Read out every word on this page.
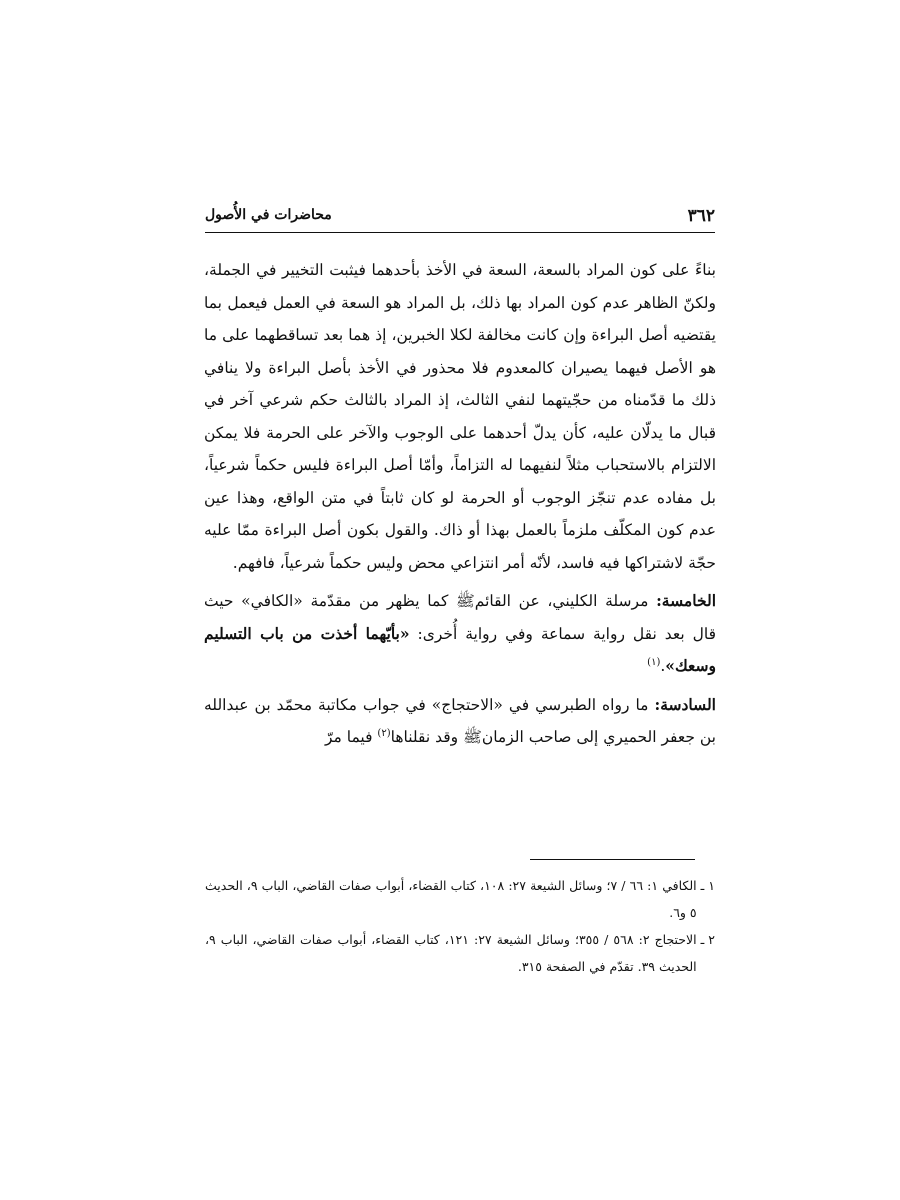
٣٦٢
محاضرات في الأُصول

بناءً على كون المراد بالسعة، السعة في الأخذ بأحدهما فيثبت التخيير في الجملة، ولكنّ الظاهر عدم كون المراد بها ذلك، بل المراد هو السعة في العمل فيعمل بما يقتضيه أصل البراءة وإن كانت مخالفة لكلا الخبرين، إذ هما بعد تساقطهما على ما هو الأصل فيهما يصيران كالمعدوم فلا محذور في الأخذ بأصل البراءة ولا ينافي ذلك ما قدّمناه من حجّيتهما لنفي الثالث، إذ المراد بالثالث حكم شرعي آخر في قبال ما يدلّان عليه، كأن يدلّ أحدهما على الوجوب والآخر على الحرمة فلا يمكن الالتزام بالاستحباب مثلاً لنفيهما له التزاماً، وأمّا أصل البراءة فليس حكماً شرعياً، بل مفاده عدم تنجّز الوجوب أو الحرمة لو كان ثابتاً في متن الواقع، وهذا عين عدم كون المكلّف ملزماً بالعمل بهذا أو ذاك. والقول بكون أصل البراءة ممّا عليه حجّة لاشتراكها فيه فاسد، لأنّه أمر انتزاعي محض وليس حكماً شرعياً، فافهم.

الخامسة: مرسلة الكليني، عن القائمﷺ كما يظهر من مقدّمة «الكافي» حيث قال بعد نقل رواية سماعة وفي رواية أُخرى: «بأيّهما أخذت من باب التسليم وسعك».$^{(١)}$

السادسة: ما رواه الطبرسي في «الاحتجاج» في جواب مكاتبة محمّد بن عبدالله بن جعفر الحميري إلى صاحب الزمانﷺ وقد نقلناها$^{(٢)}$ فيما مرّ

١ ـ
الكافي ١: ٦٦ / ٧؛ وسائل الشيعة ٢٧: ١٠٨، كتاب القضاء، أبواب صفات القاضي، الباب ٩، الحديث ٥ و٦.
٢ ـ
الاحتجاج ٢: ٥٦٨ / ٣٥٥؛ وسائل الشيعة ٢٧: ١٢١، كتاب القضاء، أبواب صفات القاضي، الباب ٩، الحديث ٣٩. تقدّم في الصفحة ٣١٥.
